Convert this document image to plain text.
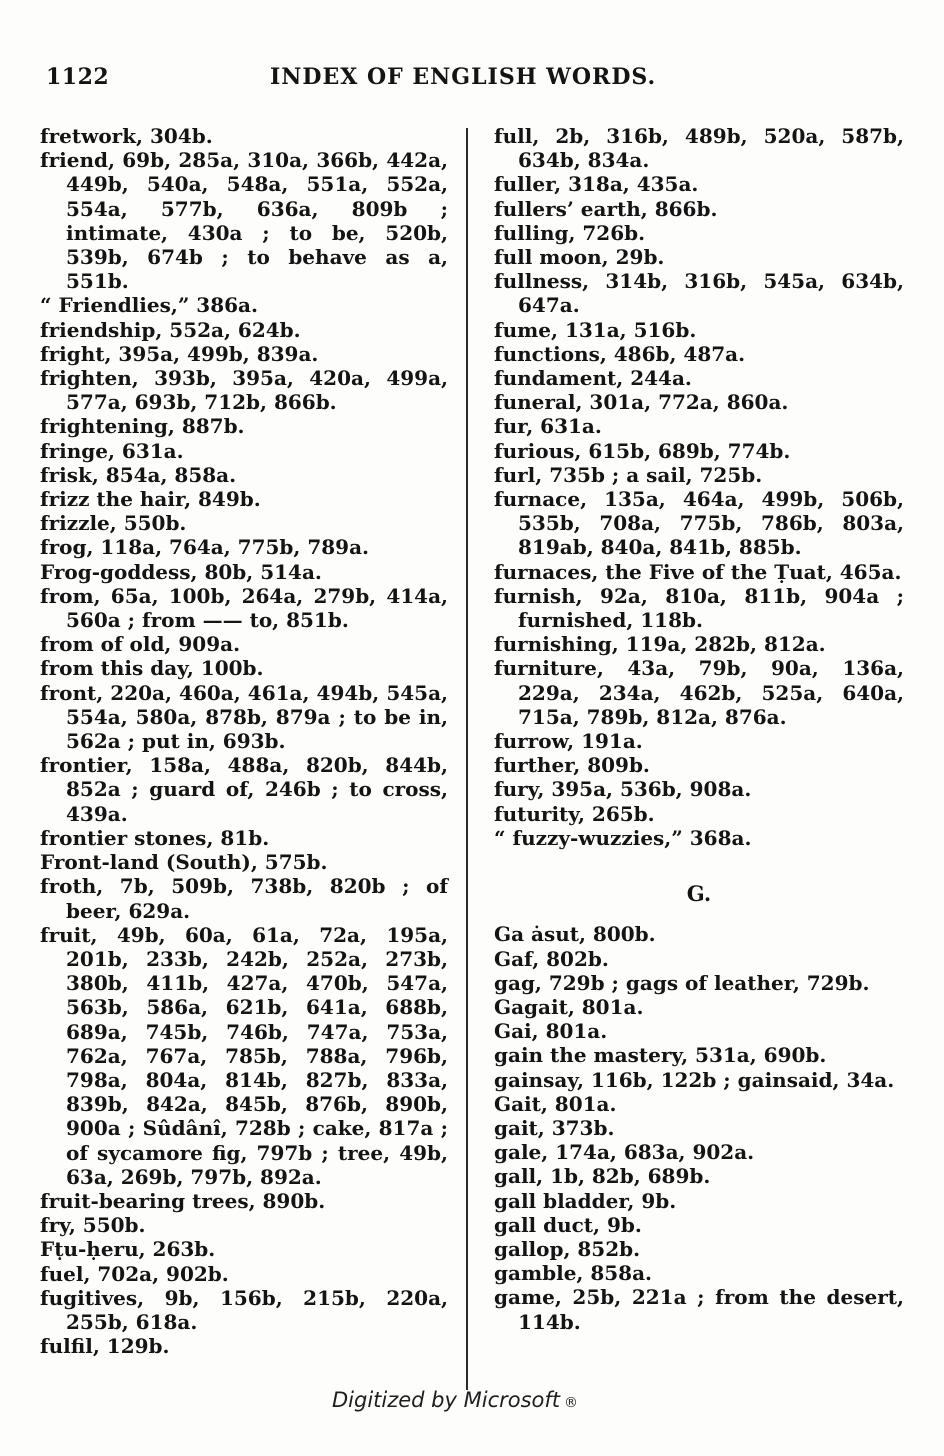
1122	INDEX OF ENGLISH WORDS.
fretwork, 304b.
friend, 69b, 285a, 310a, 366b, 442a, 449b, 540a, 548a, 551a, 552a, 554a, 577b, 636a, 809b ; intimate, 430a ; to be, 520b, 539b, 674b ; to behave as a, 551b.
“ Friendlies,” 386a.
friendship, 552a, 624b.
fright, 395a, 499b, 839a.
frighten, 393b, 395a, 420a, 499a, 577a, 693b, 712b, 866b.
frightening, 887b.
fringe, 631a.
frisk, 854a, 858a.
frizz the hair, 849b.
frizzle, 550b.
frog, 118a, 764a, 775b, 789a.
Frog-goddess, 80b, 514a.
from, 65a, 100b, 264a, 279b, 414a, 560a ; from —— to, 851b.
from of old, 909a.
from this day, 100b.
front, 220a, 460a, 461a, 494b, 545a, 554a, 580a, 878b, 879a ; to be in, 562a ; put in, 693b.
frontier, 158a, 488a, 820b, 844b, 852a ; guard of, 246b ; to cross, 439a.
frontier stones, 81b.
Front-land (South), 575b.
froth, 7b, 509b, 738b, 820b ; of beer, 629a.
fruit, 49b, 60a, 61a, 72a, 195a, 201b, 233b, 242b, 252a, 273b, 380b, 411b, 427a, 470b, 547a, 563b, 586a, 621b, 641a, 688b, 689a, 745b, 746b, 747a, 753a, 762a, 767a, 785b, 788a, 796b, 798a, 804a, 814b, 827b, 833a, 839b, 842a, 845b, 876b, 890b, 900a ; Sûdânî, 728b ; cake, 817a ; of sycamore fig, 797b ; tree, 49b, 63a, 269b, 797b, 892a.
fruit-bearing trees, 890b.
fry, 550b.
Fṭu-ḥeru, 263b.
fuel, 702a, 902b.
fugitives, 9b, 156b, 215b, 220a, 255b, 618a.
fulfil, 129b.
full, 2b, 316b, 489b, 520a, 587b, 634b, 834a.
fuller, 318a, 435a.
fullers’ earth, 866b.
fulling, 726b.
full moon, 29b.
fullness, 314b, 316b, 545a, 634b, 647a.
fume, 131a, 516b.
functions, 486b, 487a.
fundament, 244a.
funeral, 301a, 772a, 860a.
fur, 631a.
furious, 615b, 689b, 774b.
furl, 735b ; a sail, 725b.
furnace, 135a, 464a, 499b, 506b, 535b, 708a, 775b, 786b, 803a, 819ab, 840a, 841b, 885b.
furnaces, the Five of the Ṭuat, 465a.
furnish, 92a, 810a, 811b, 904a ; furnished, 118b.
furnishing, 119a, 282b, 812a.
furniture, 43a, 79b, 90a, 136a, 229a, 234a, 462b, 525a, 640a, 715a, 789b, 812a, 876a.
furrow, 191a.
further, 809b.
fury, 395a, 536b, 908a.
futurity, 265b.
“ fuzzy-wuzzies,” 368a.
G.
Ga ȧsut, 800b.
Gaf, 802b.
gag, 729b ; gags of leather, 729b.
Gagait, 801a.
Gai, 801a.
gain the mastery, 531a, 690b.
gainsay, 116b, 122b ; gainsaid, 34a.
Gait, 801a.
gait, 373b.
gale, 174a, 683a, 902a.
gall, 1b, 82b, 689b.
gall bladder, 9b.
gall duct, 9b.
gallop, 852b.
gamble, 858a.
game, 25b, 221a ; from the desert, 114b.
Digitized by Microsoft ®
